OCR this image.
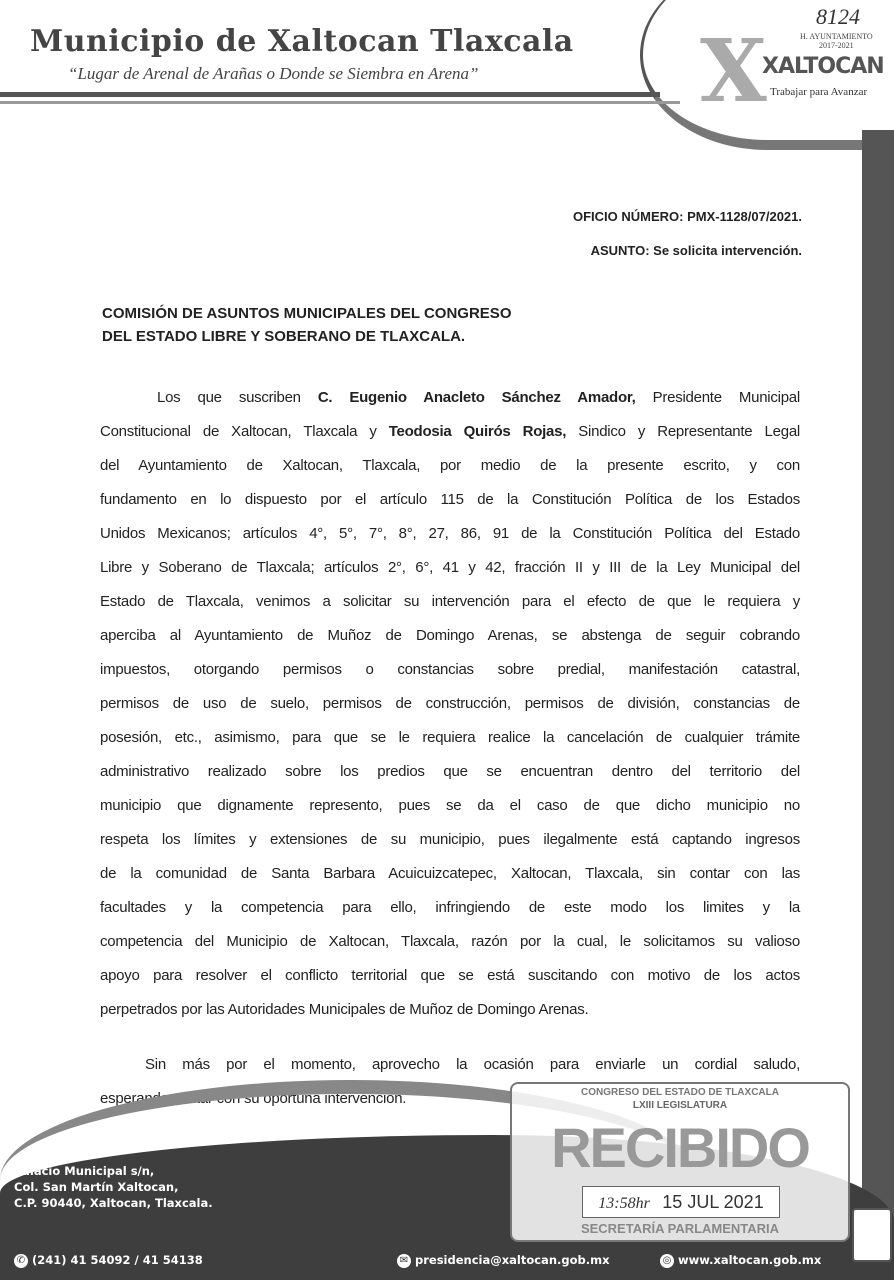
Municipio de Xaltocan Tlaxcala
“Lugar de Arenal de Arañas o Donde se Siembra en Arena”
8124
X	H. AYUNTAMIENTO
2017-2021
XALTOCAN
Trabajar para Avanzar
OFICIO NÚMERO: PMX-1128/07/2021.
ASUNTO: Se solicita intervención.
COMISIÓN DE ASUNTOS MUNICIPALES DEL CONGRESO
DEL ESTADO LIBRE Y SOBERANO DE TLAXCALA.
Los que suscriben C. Eugenio Anacleto Sánchez Amador, Presidente Municipal
Constitucional de Xaltocan, Tlaxcala y Teodosia Quirós Rojas, Sindico y Representante Legal
del Ayuntamiento de Xaltocan, Tlaxcala, por medio de la presente escrito, y con
fundamento en lo dispuesto por el artículo 115 de la Constitución Política de los Estados
Unidos Mexicanos; artículos 4°, 5°, 7°, 8°, 27, 86, 91 de la Constitución Política del Estado
Libre y Soberano de Tlaxcala; artículos 2°, 6°, 41 y 42, fracción II y III de la Ley Municipal del
Estado de Tlaxcala, venimos a solicitar su intervención para el efecto de que le requiera y
aperciba al Ayuntamiento de Muñoz de Domingo Arenas, se abstenga de seguir cobrando
impuestos, otorgando permisos o constancias sobre predial, manifestación catastral,
permisos de uso de suelo, permisos de construcción, permisos de división, constancias de
posesión, etc., asimismo, para que se le requiera realice la cancelación de cualquier trámite
administrativo realizado sobre los predios que se encuentran dentro del territorio del
municipio que dignamente represento, pues se da el caso de que dicho municipio no
respeta los límites y extensiones de su municipio, pues ilegalmente está captando ingresos
de la comunidad de Santa Barbara Acuicuizcatepec, Xaltocan, Tlaxcala, sin contar con las
facultades y la competencia para ello, infringiendo de este modo los limites y la
competencia del Municipio de Xaltocan, Tlaxcala, razón por la cual, le solicitamos su valioso
apoyo para resolver el conflicto territorial que se está suscitando con motivo de los actos
perpetrados por las Autoridades Municipales de Muñoz de Domingo Arenas.
Sin más por el momento, aprovecho la ocasión para enviarle un cordial saludo,
esperando contar con su oportuna intervención.
Palacio Municipal s/n,
Col. San Martín Xaltocan,
C.P. 90440, Xaltocan, Tlaxcala.
✆ (241) 41 54092 / 41 54138	✉ presidencia@xaltocan.gob.mx	◎ www.xaltocan.gob.mx
CONGRESO DEL ESTADO DE TLAXCALA
LXIII LEGISLATURA
RECIBIDO
13:58hr 15 JUL 2021
SECRETARÍA PARLAMENTARIA
